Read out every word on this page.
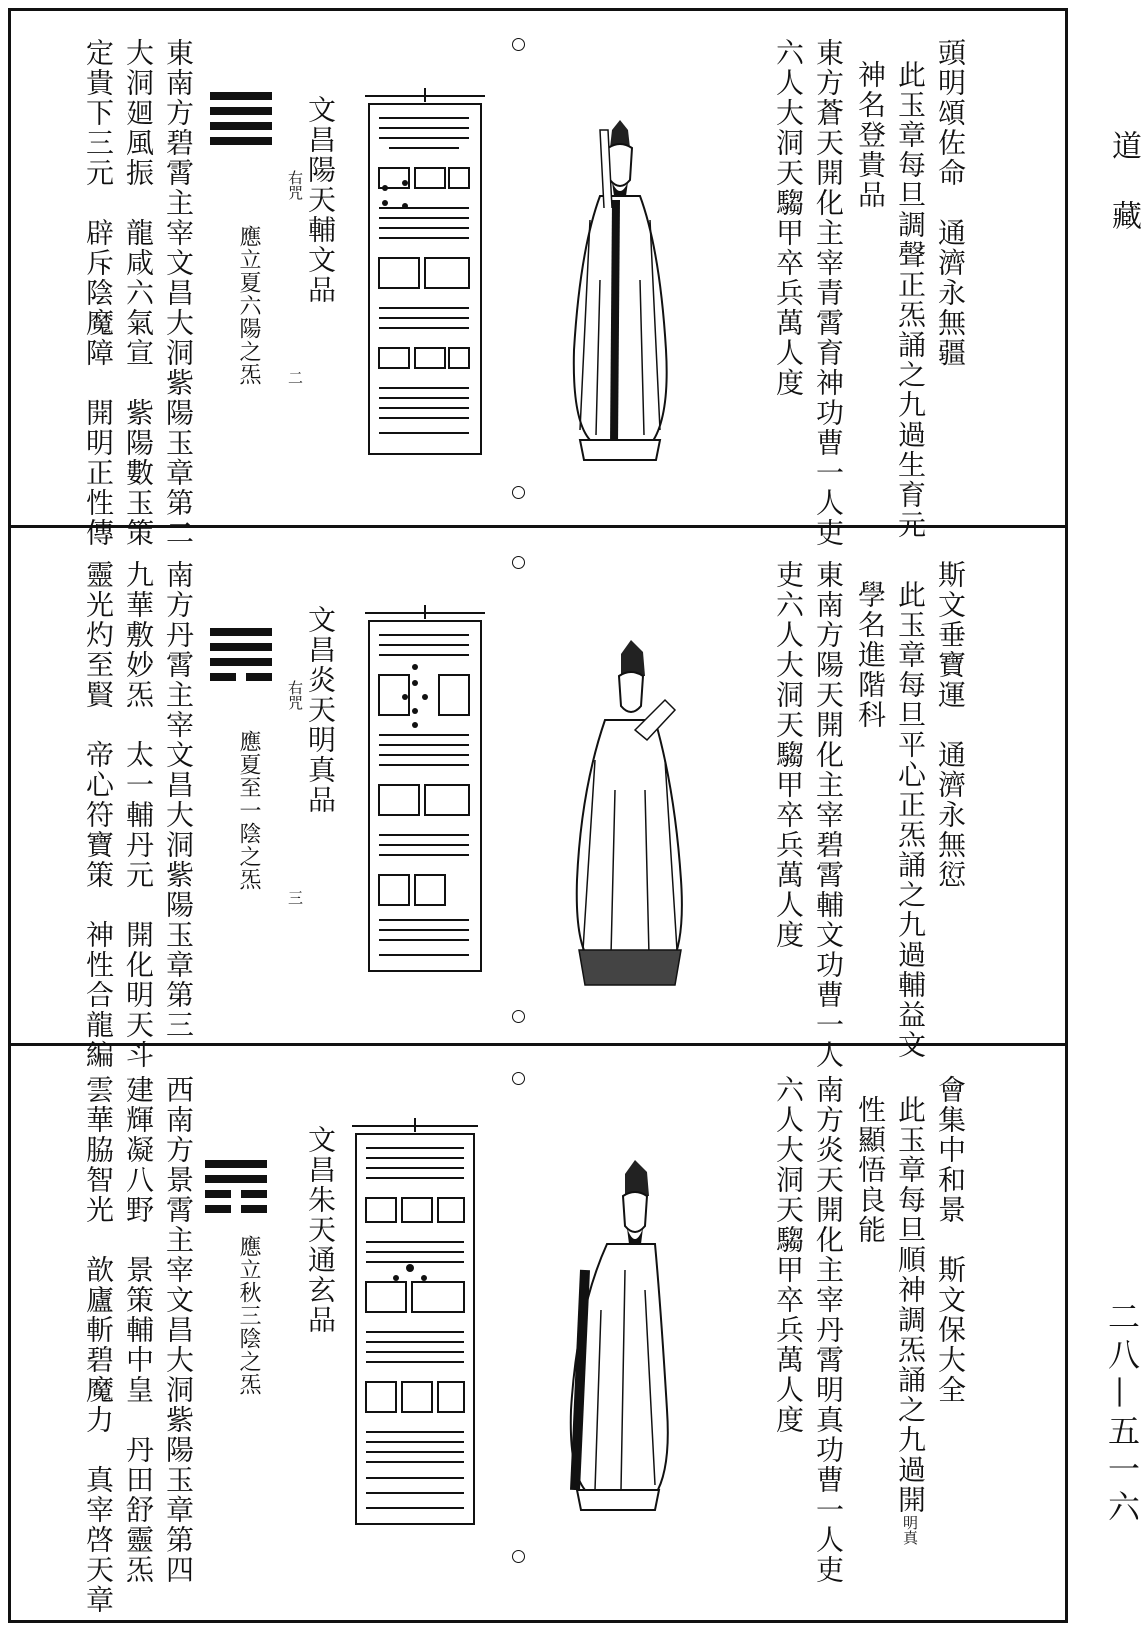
道藏
二八—五一六
頭明頌佐命　通濟永無疆
此玉章每旦調聲正炁誦之九過生育元
神名登貴品
東方蒼天開化主宰青霄育神功曹一人吏
六人大洞天騶甲卒兵萬人度
文昌陽天輔文品
右咒
應立夏六陽之炁	二
東南方碧霄主宰文昌大洞紫陽玉章第二
大洞廻風振　龍咸六氣宣　紫陽數玉策
定貴下三元　辟斥陰魔障　開明正性傳
斯文垂寶運　通濟永無愆
此玉章每旦平心正炁誦之九過輔益文
學名進階科
東南方陽天開化主宰碧霄輔文功曹一人
吏六人大洞天騶甲卒兵萬人度
文昌炎天明真品
右咒
應夏至一陰之炁
三
南方丹霄主宰文昌大洞紫陽玉章第三
九華敷妙炁　太一輔丹元　開化明天斗
靈光灼至賢　帝心符寶策　神性合龍編
會集中和景　斯文保大全
此玉章每旦順神調炁誦之九過開明真
性顯悟良能
南方炎天開化主宰丹霄明真功曹一人吏
六人大洞天騶甲卒兵萬人度
文昌朱天通玄品
應立秋三陰之炁
西南方景霄主宰文昌大洞紫陽玉章第四
建輝凝八野　景策輔中皇　丹田舒靈炁
雲華脇智光　歆廬斬碧魔力　真宰啓天章
